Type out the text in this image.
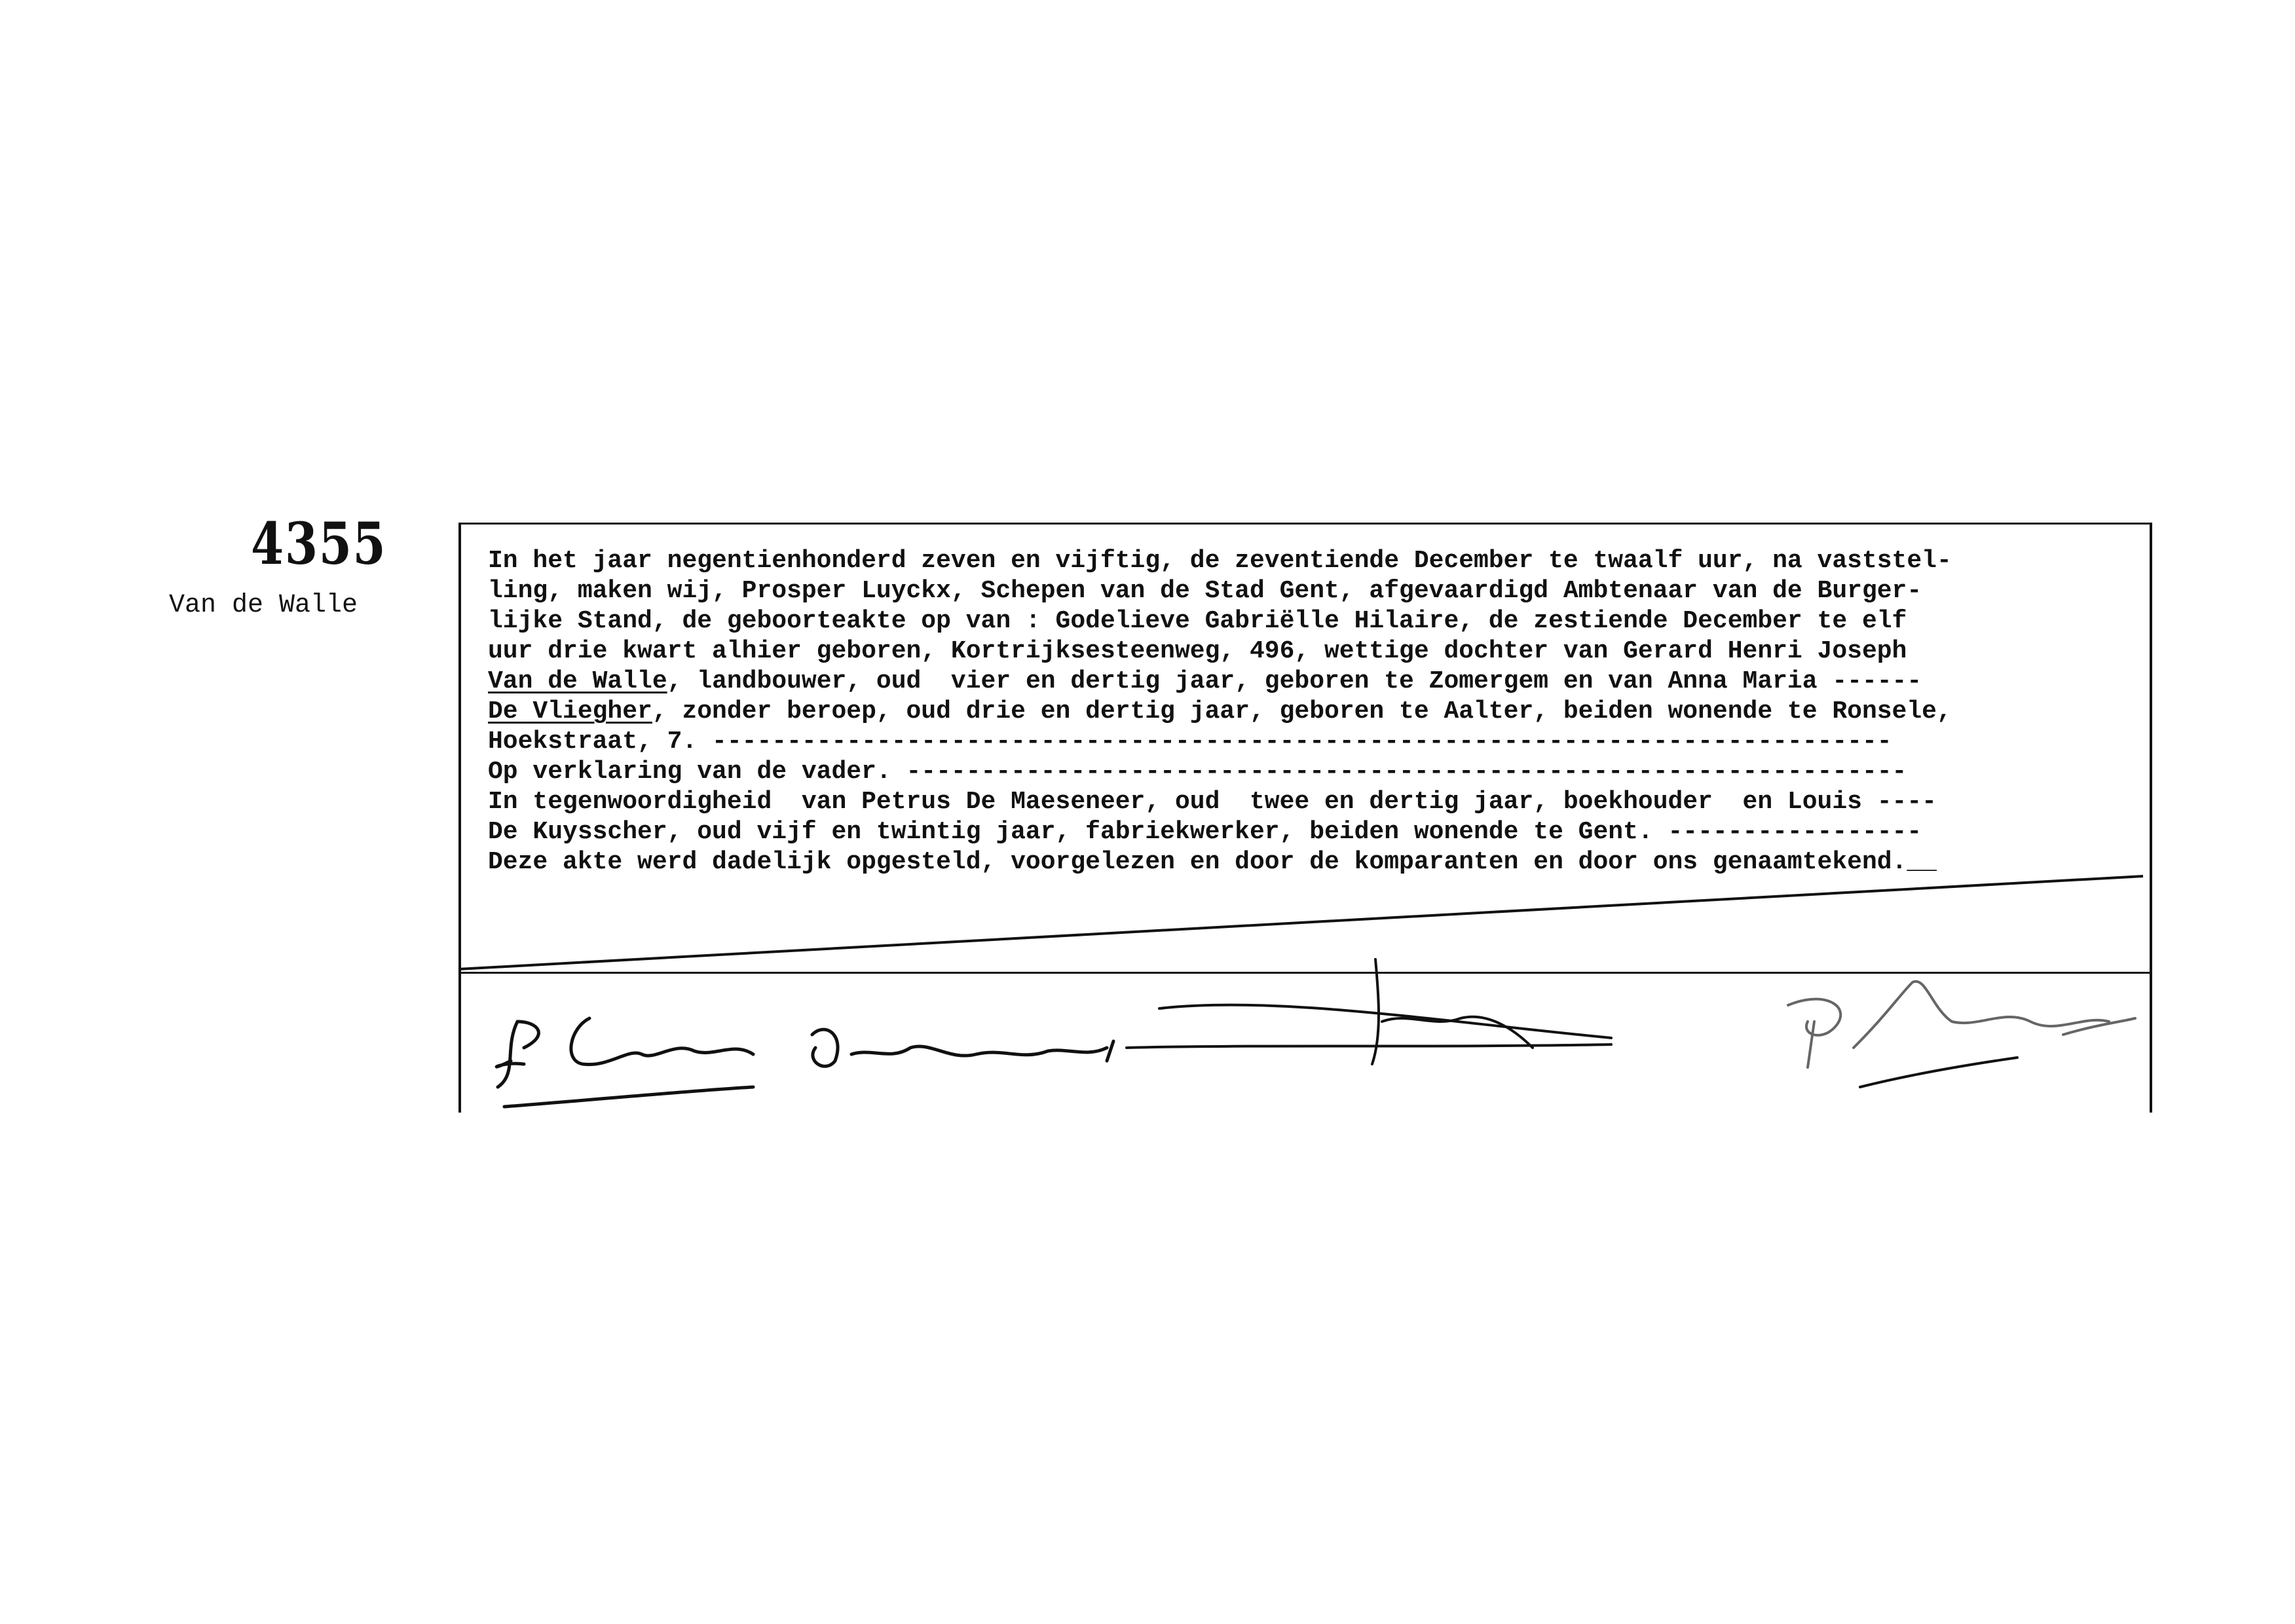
4355
Van de Walle
In het jaar negentienhonderd zeven en vijftig, de zeventiende December te twaalf uur, na vaststel-
ling, maken wij, Prosper Luyckx, Schepen van de Stad Gent, afgevaardigd Ambtenaar van de Burger-
lijke Stand, de geboorteakte op van : Godelieve Gabriëlle Hilaire, de zestiende December te elf
uur drie kwart alhier geboren, Kortrijksesteenweg, 496, wettige dochter van Gerard Henri Joseph
Van de Walle, landbouwer, oud  vier en dertig jaar, geboren te Zomergem en van Anna Maria ------
De Vliegher, zonder beroep, oud drie en dertig jaar, geboren te Aalter, beiden wonende te Ronsele,
Hoekstraat, 7. -------------------------------------------------------------------------------
Op verklaring van de vader. -------------------------------------------------------------------
In tegenwoordigheid  van Petrus De Maeseneer, oud  twee en dertig jaar, boekhouder  en Louis ----
De Kuysscher, oud vijf en twintig jaar, fabriekwerker, beiden wonende te Gent. -----------------
Deze akte werd dadelijk opgesteld, voorgelezen en door de komparanten en door ons genaamtekend.__
